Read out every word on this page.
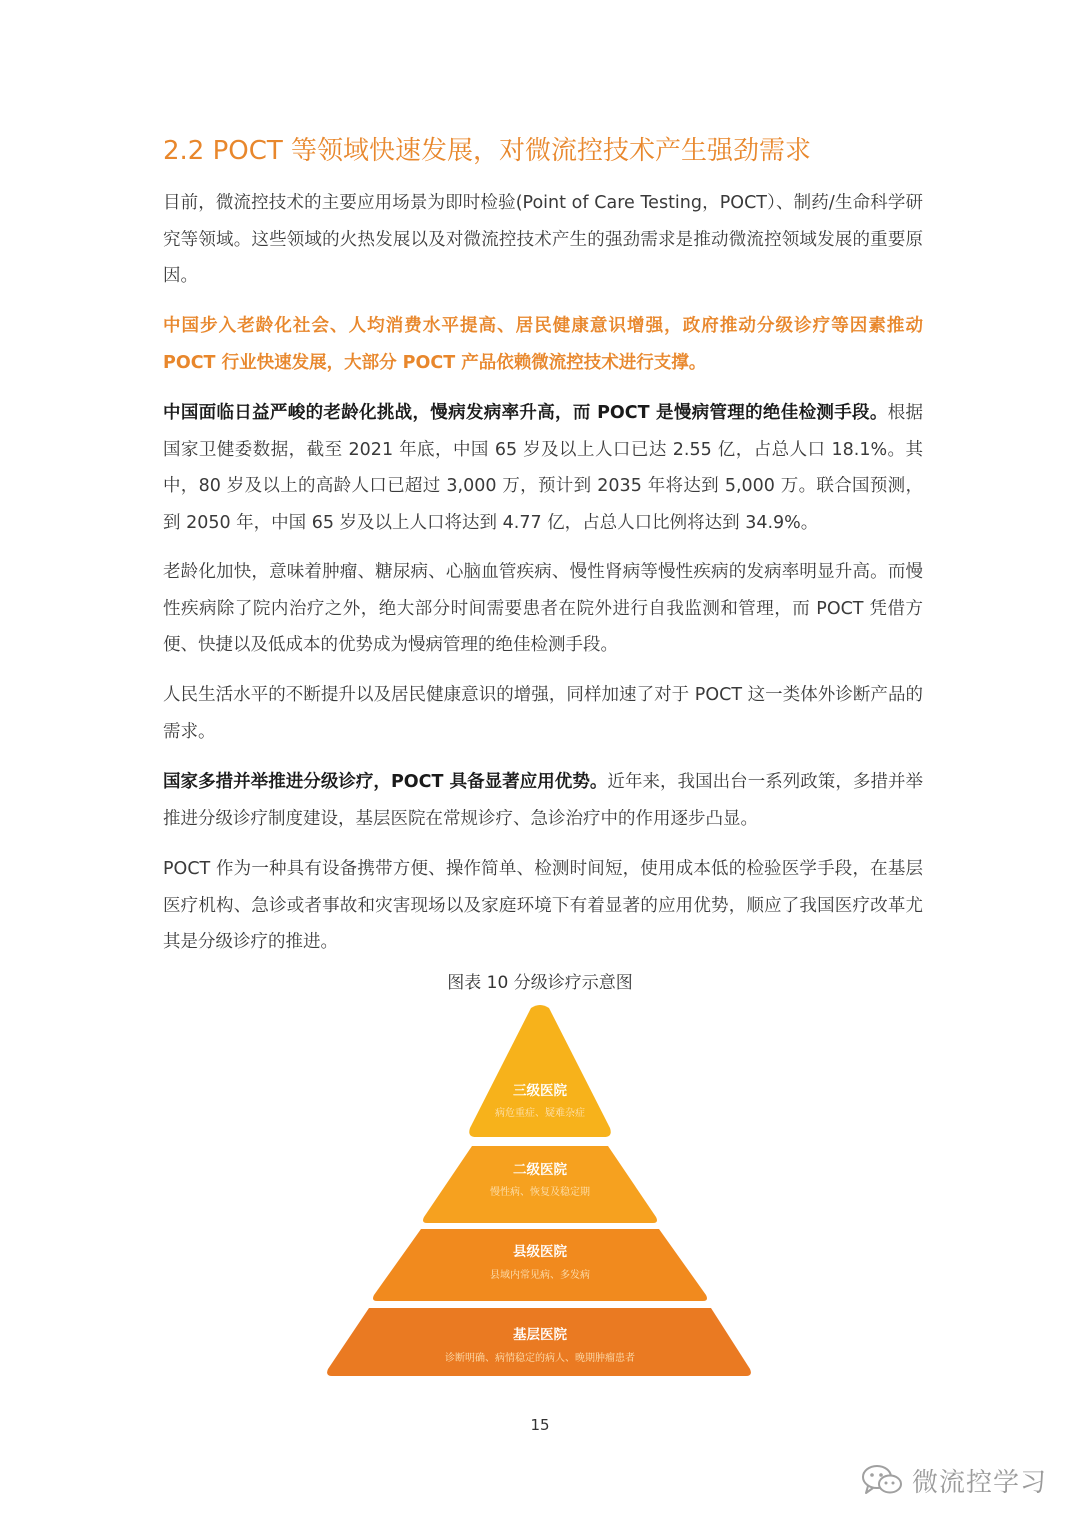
2.2 POCT 等领域快速发展，对微流控技术产生强劲需求

目前，微流控技术的主要应用场景为即时检验(Point of Care Testing，POCT）、制药/生命科学研究等领域。这些领域的火热发展以及对微流控技术产生的强劲需求是推动微流控领域发展的重要原因。

中国步入老龄化社会、人均消费水平提高、居民健康意识增强，政府推动分级诊疗等因素推动 POCT 行业快速发展，大部分 POCT 产品依赖微流控技术进行支撑。

中国面临日益严峻的老龄化挑战，慢病发病率升高，而 POCT 是慢病管理的绝佳检测手段。根据国家卫健委数据，截至 2021 年底，中国 65 岁及以上人口已达 2.55 亿，占总人口 18.1%。其中，80 岁及以上的高龄人口已超过 3,000 万，预计到 2035 年将达到 5,000 万。联合国预测，到 2050 年，中国 65 岁及以上人口将达到 4.77 亿，占总人口比例将达到 34.9%。

老龄化加快，意味着肿瘤、糖尿病、心脑血管疾病、慢性肾病等慢性疾病的发病率明显升高。而慢性疾病除了院内治疗之外，绝大部分时间需要患者在院外进行自我监测和管理，而 POCT 凭借方便、快捷以及低成本的优势成为慢病管理的绝佳检测手段。

人民生活水平的不断提升以及居民健康意识的增强，同样加速了对于 POCT 这一类体外诊断产品的需求。

国家多措并举推进分级诊疗，POCT 具备显著应用优势。近年来，我国出台一系列政策，多措并举推进分级诊疗制度建设，基层医院在常规诊疗、急诊治疗中的作用逐步凸显。

POCT 作为一种具有设备携带方便、操作简单、检测时间短，使用成本低的检验医学手段，在基层医疗机构、急诊或者事故和灾害现场以及家庭环境下有着显著的应用优势，顺应了我国医疗改革尤其是分级诊疗的推进。

图表 10 分级诊疗示意图
三级医院
病危重症、疑难杂症
二级医院
慢性病、恢复及稳定期
县级医院
县域内常见病、多发病
基层医院
诊断明确、病情稳定的病人、晚期肿瘤患者
15
微流控学习
